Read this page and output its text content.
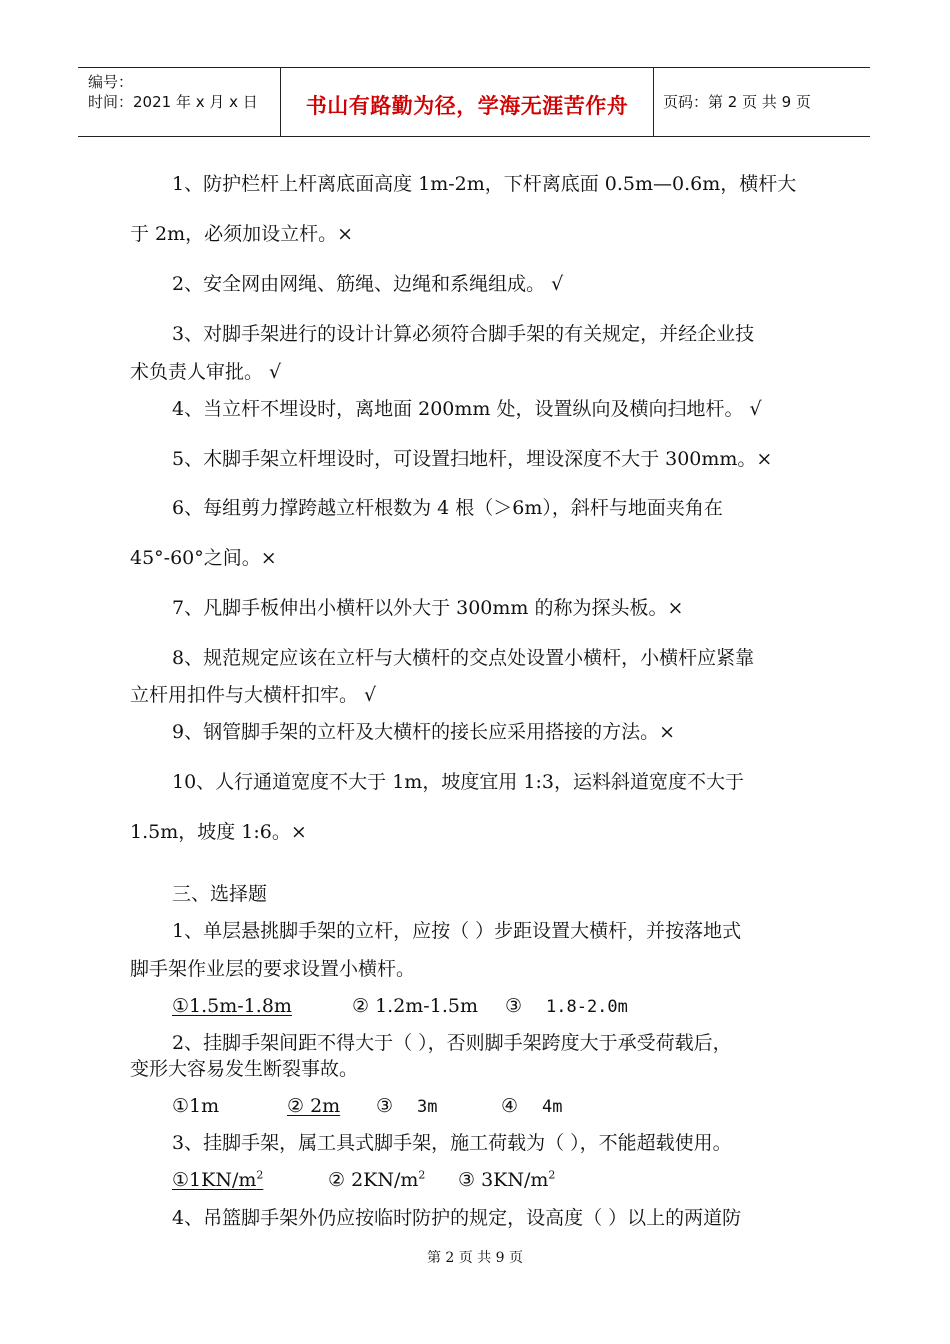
编号：
时间：2021 年 x 月 x 日	书山有路勤为径，学海无涯苦作舟	页码：第 2 页 共 9 页
1、防护栏杆上杆离底面高度 1m-2m，下杆离底面 0.5m—0.6m，横杆大
于 2m，必须加设立杆。×
2、安全网由网绳、筋绳、边绳和系绳组成。 √
3、对脚手架进行的设计计算必须符合脚手架的有关规定，并经企业技
术负责人审批。 √
4、当立杆不埋设时，离地面 200mm 处，设置纵向及横向扫地杆。 √
5、木脚手架立杆埋设时，可设置扫地杆，埋设深度不大于 300mm。×
6、每组剪力撑跨越立杆根数为 4 根（＞6m），斜杆与地面夹角在
45°-60°之间。×
7、凡脚手板伸出小横杆以外大于 300mm 的称为探头板。×
8、规范规定应该在立杆与大横杆的交点处设置小横杆，小横杆应紧靠
立杆用扣件与大横杆扣牢。 √
9、钢管脚手架的立杆及大横杆的接长应采用搭接的方法。×
10、人行通道宽度不大于 1m，坡度宜用 1:3，运料斜道宽度不大于
1.5m，坡度 1:6。×
三、选择题
1、单层悬挑脚手架的立杆，应按（ ）步距设置大横杆，并按落地式
脚手架作业层的要求设置小横杆。
①1.5m-1.8m	② 1.2m-1.5m ③ 1.8-2.0m
2、挂脚手架间距不得大于（ ），否则脚手架跨度大于承受荷载后，
变形大容易发生断裂事故。
①1m	② 2m	③ 3m	④ 4m
3、挂脚手架，属工具式脚手架，施工荷载为（ ），不能超载使用。
$①1KN/m^2$	② $2KN/m^2$ ③ $3KN/m^2$
4、吊篮脚手架外仍应按临时防护的规定，设高度（ ）以上的两道防
第 2 页 共 9 页
